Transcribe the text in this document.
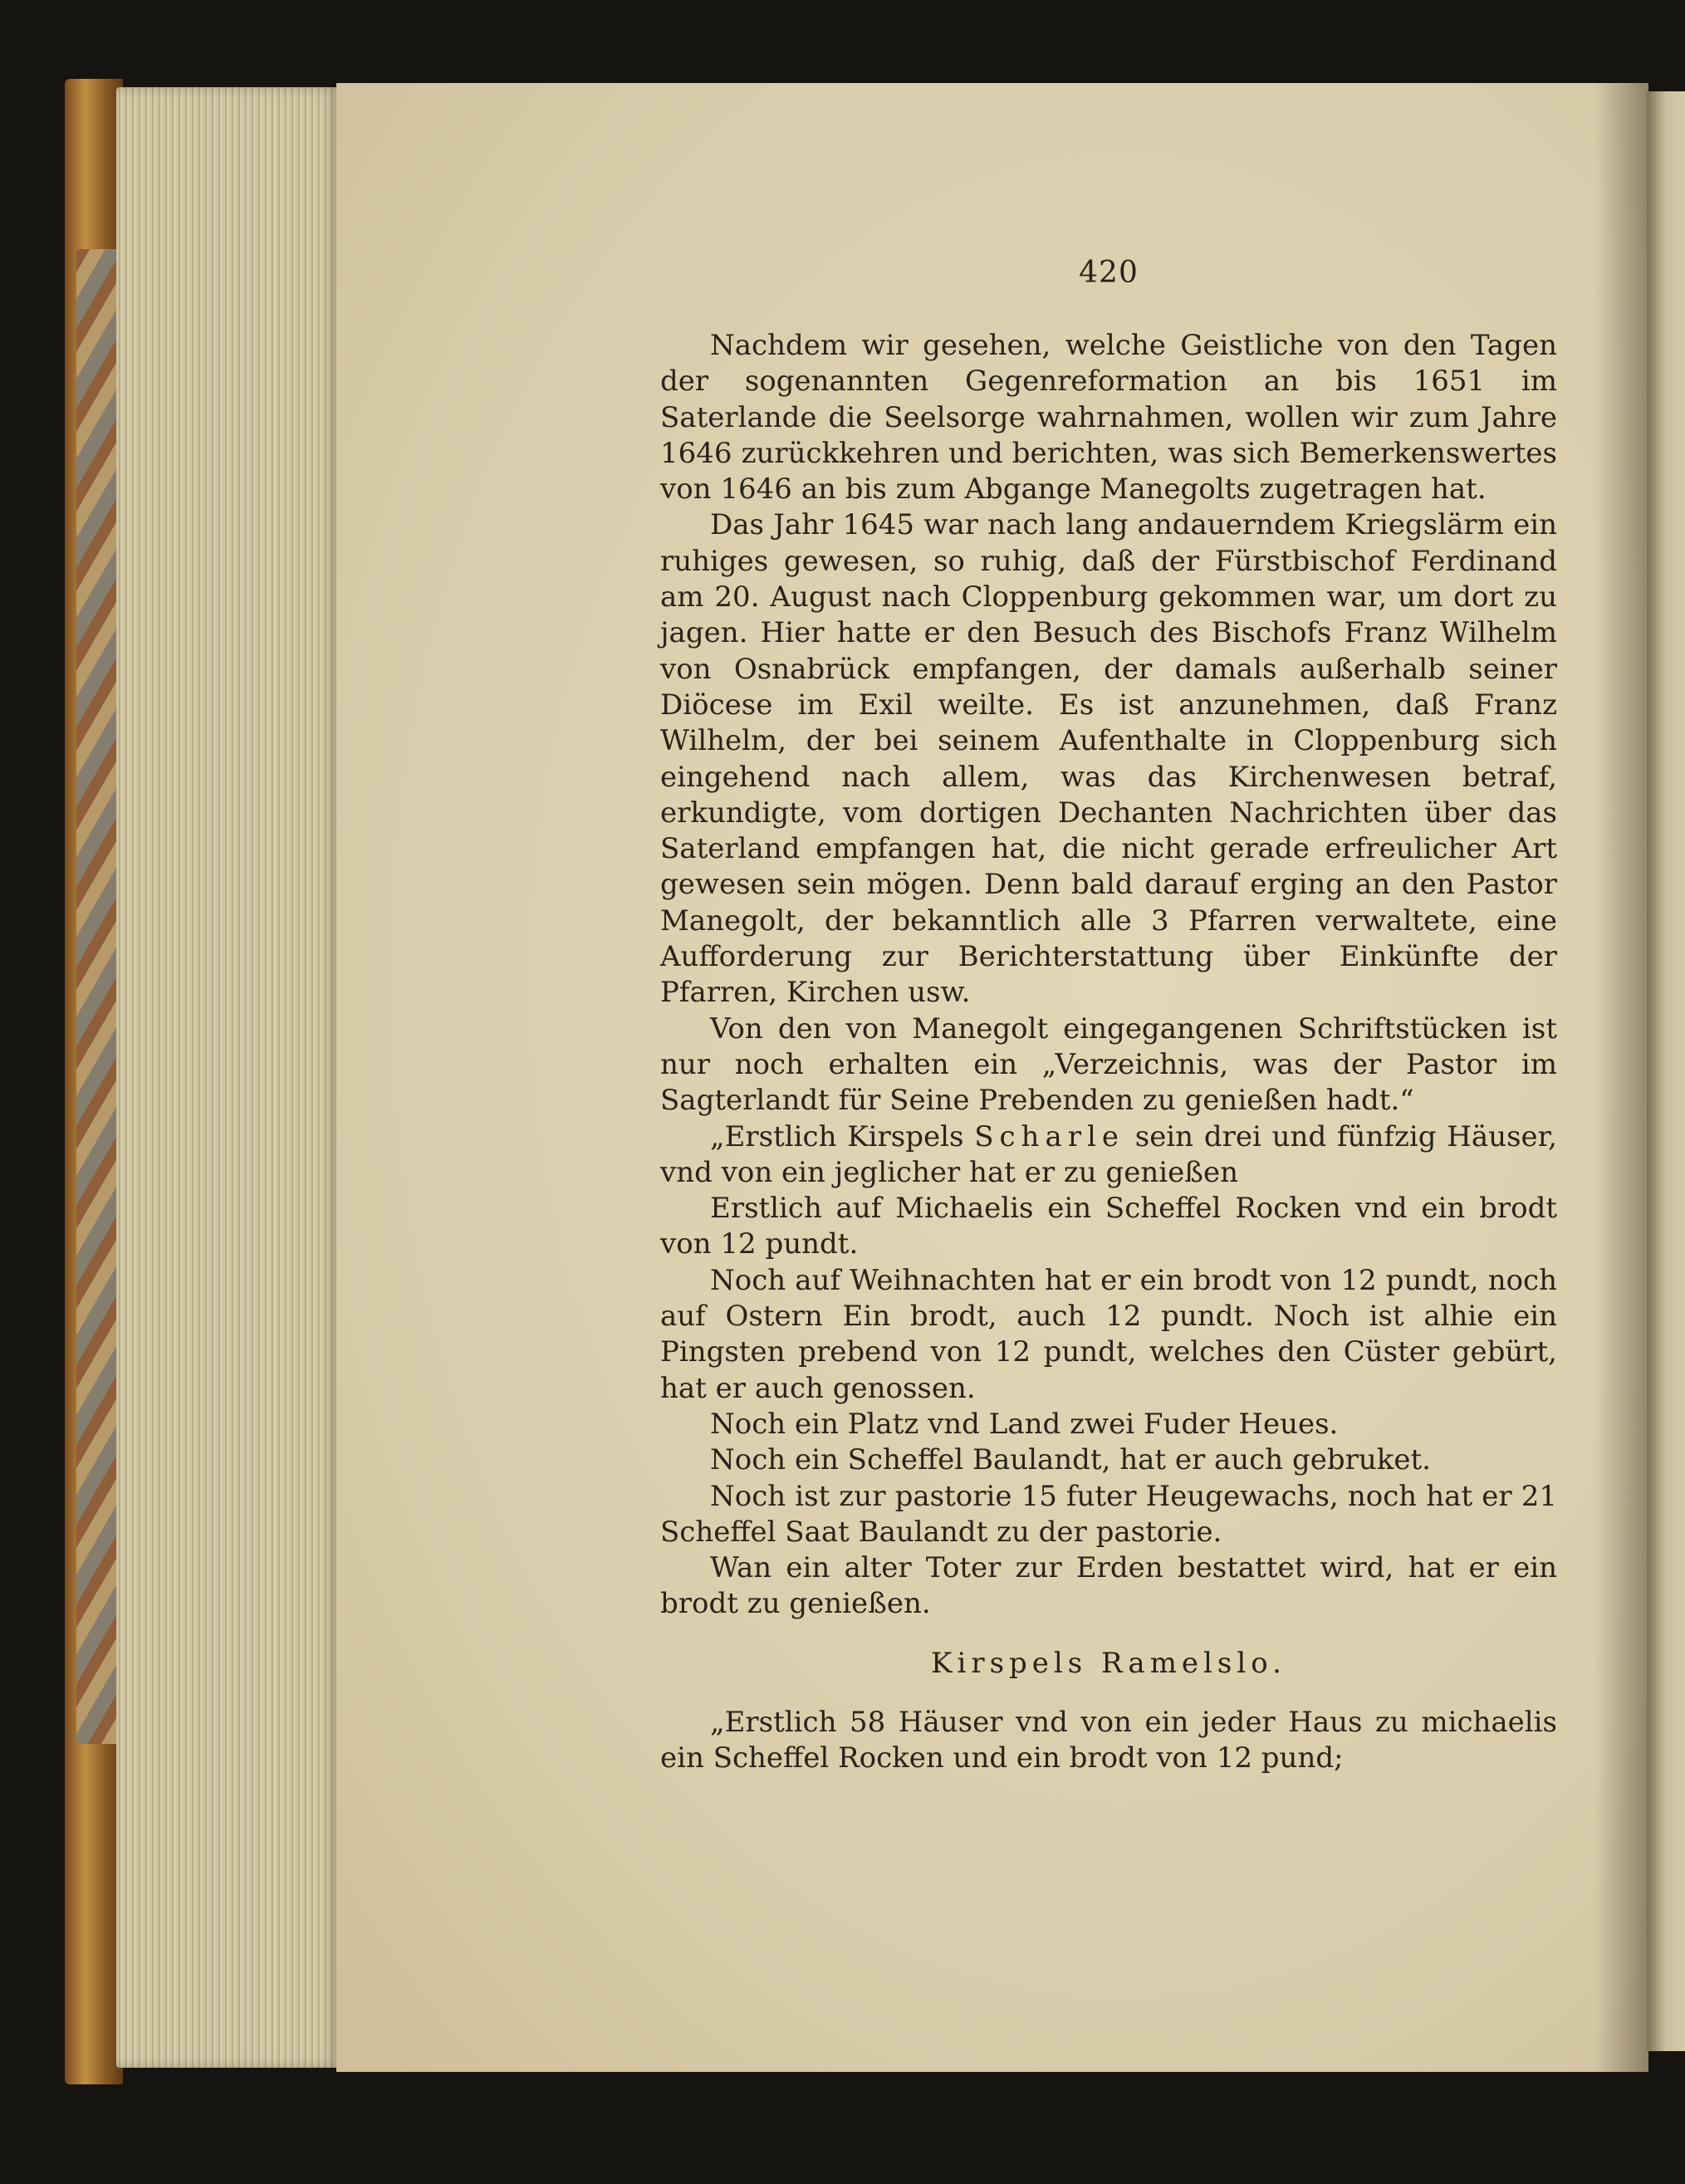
420

Nachdem wir gesehen, welche Geistliche von den Tagen der sogenannten Gegenreformation an bis 1651 im Saterlande die Seelsorge wahrnahmen, wollen wir zum Jahre 1646 zurückkehren und berichten, was sich Bemerkenswertes von 1646 an bis zum Abgange Manegolts zugetragen hat.

Das Jahr 1645 war nach lang andauerndem Kriegslärm ein ruhiges gewesen, so ruhig, daß der Fürstbischof Ferdinand am 20. August nach Cloppenburg gekommen war, um dort zu jagen. Hier hatte er den Besuch des Bischofs Franz Wilhelm von Osnabrück empfangen, der damals außerhalb seiner Diöcese im Exil weilte. Es ist anzunehmen, daß Franz Wilhelm, der bei seinem Aufenthalte in Cloppenburg sich eingehend nach allem, was das Kirchenwesen betraf, erkundigte, vom dortigen Dechanten Nachrichten über das Saterland empfangen hat, die nicht gerade erfreulicher Art gewesen sein mögen. Denn bald darauf erging an den Pastor Manegolt, der bekanntlich alle 3 Pfarren verwaltete, eine Aufforderung zur Berichterstattung über Einkünfte der Pfarren, Kirchen usw.

Von den von Manegolt eingegangenen Schriftstücken ist nur noch erhalten ein „Verzeichnis, was der Pastor im Sagterlandt für Seine Prebenden zu genießen hadt.“

„Erstlich Kirspels Scharle sein drei und fünfzig Häuser, vnd von ein jeglicher hat er zu genießen

Erstlich auf Michaelis ein Scheffel Rocken vnd ein brodt von 12 pundt.

Noch auf Weihnachten hat er ein brodt von 12 pundt, noch auf Ostern Ein brodt, auch 12 pundt. Noch ist alhie ein Pingsten prebend von 12 pundt, welches den Cüster gebürt, hat er auch genossen.

Noch ein Platz vnd Land zwei Fuder Heues.

Noch ein Scheffel Baulandt, hat er auch gebruket.

Noch ist zur pastorie 15 futer Heugewachs, noch hat er 21 Scheffel Saat Baulandt zu der pastorie.

Wan ein alter Toter zur Erden bestattet wird, hat er ein brodt zu genießen.

Kirspels Ramelslo.

„Erstlich 58 Häuser vnd von ein jeder Haus zu michaelis ein Scheffel Rocken und ein brodt von 12 pund;
